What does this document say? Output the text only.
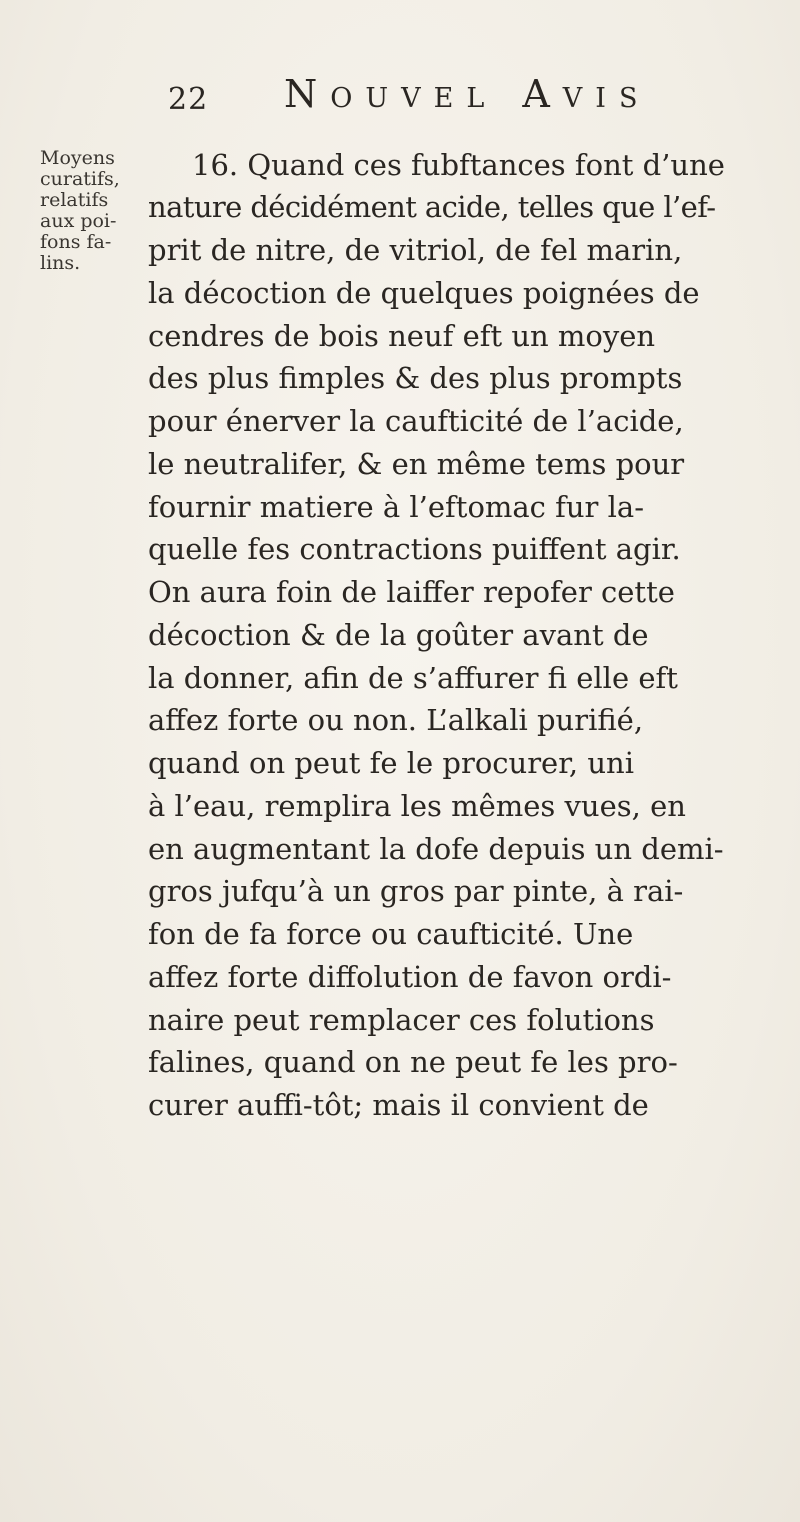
22 Nouvel Avis
Moyens
curatifs,
relatifs
aux poi-
fons fa-
lins.
16. Quand ces fubftances font d’une
nature décidément acide, telles que l’ef-
prit de nitre, de vitriol, de fel marin,
la décoction de quelques poignées de
cendres de bois neuf eft un moyen
des plus fimples & des plus prompts
pour énerver la caufticité de l’acide,
le neutralifer, & en même tems pour
fournir matiere à l’eftomac fur la-
quelle fes contractions puiffent agir.
On aura foin de laiffer repofer cette
décoction & de la goûter avant de
la donner, afin de s’affurer fi elle eft
affez forte ou non. L’alkali purifié,
quand on peut fe le procurer, uni
à l’eau, remplira les mêmes vues, en
en augmentant la dofe depuis un demi-
gros jufqu’à un gros par pinte, à rai-
fon de fa force ou caufticité. Une
affez forte diffolution de favon ordi-
naire peut remplacer ces folutions
falines, quand on ne peut fe les pro-
curer auffi-tôt; mais il convient de
